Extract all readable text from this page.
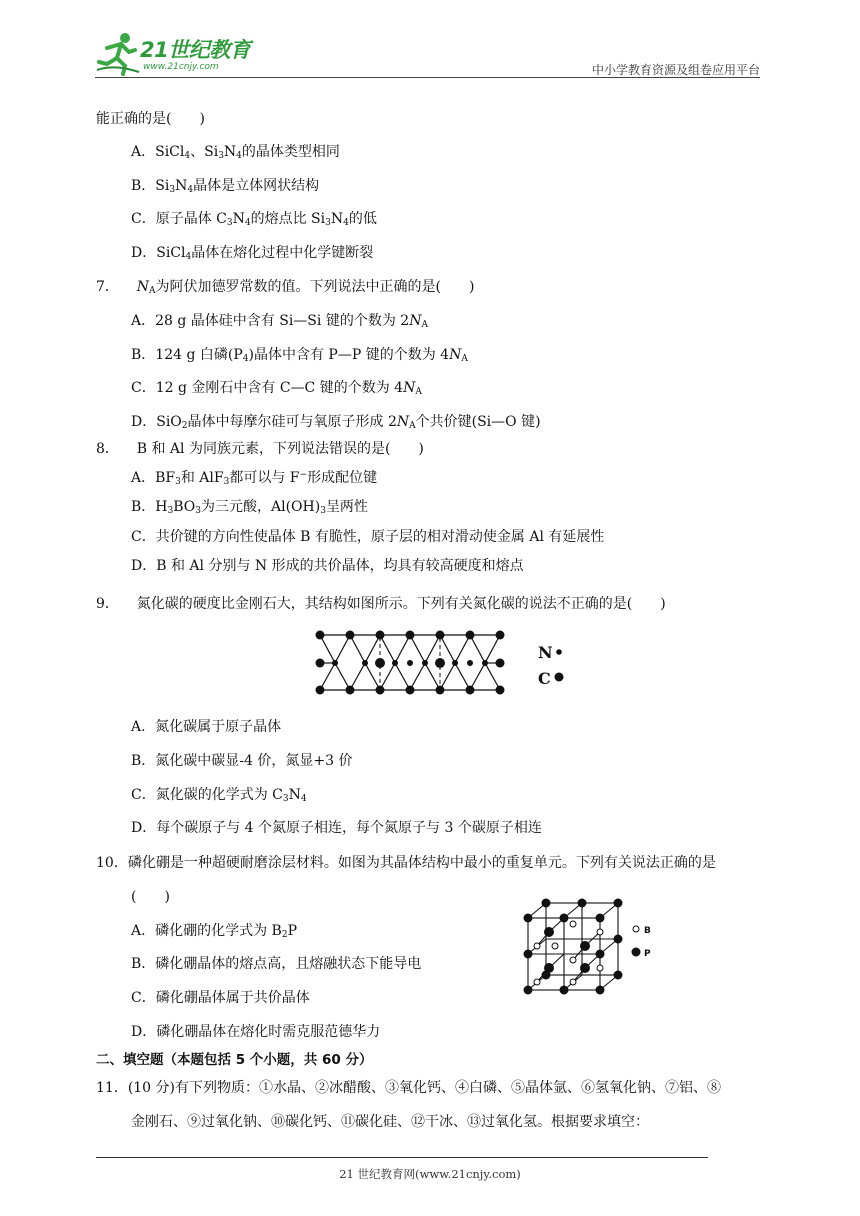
21世纪教育
www.21cnjy.com	中小学教育资源及组卷应用平台
能正确的是(　　)
A．SiCl$_4$、$Si_3N_4$的晶体类型相同
B．$Si_3N_4$晶体是立体网状结构
C．原子晶体 $C_3N_4$的熔点比 $Si_3N_4$的低
D．SiCl$_4$晶体在熔化过程中化学键断裂
7． $N_A$为阿伏加德罗常数的值。下列说法中正确的是(　　)
A．28 g 晶体硅中含有 Si—Si 键的个数为 $2N_A$
B．124 g 白磷$(P_4)$晶体中含有 P—P 键的个数为 $4N_A$
C．12 g 金刚石中含有 C—C 键的个数为 $4N_A$
D．SiO$_2$晶体中每摩尔硅可与氧原子形成 $2N_A$个共价键(Si—O 键)
8． B 和 Al 为同族元素，下列说法错误的是(　　)
A．$BF_3$和 AlF$_3$都可以与 F−形成配位键
B．$H_3BO_3$为三元酸，$Al(OH)_3$呈两性
C．共价键的方向性使晶体 B 有脆性，原子层的相对滑动使金属 Al 有延展性
D．B 和 Al 分别与 N 形成的共价晶体，均具有较高硬度和熔点
9． 氮化碳的硬度比金刚石大，其结构如图所示。下列有关氮化碳的说法不正确的是(　　)
N
C
A．氮化碳属于原子晶体
B．氮化碳中碳显-4 价，氮显+3 价
C．氮化碳的化学式为 $C_3N_4$
D．每个碳原子与 4 个氮原子相连，每个氮原子与 3 个碳原子相连
10．磷化硼是一种超硬耐磨涂层材料。如图为其晶体结构中最小的重复单元。下列有关说法正确的是
(　　)
B
P
A．磷化硼的化学式为 $B_2P$
B．磷化硼晶体的熔点高，且熔融状态下能导电
C．磷化硼晶体属于共价晶体
D．磷化硼晶体在熔化时需克服范德华力
二、填空题（本题包括 5 个小题，共 60 分）
11．(10 分)有下列物质：①水晶、②冰醋酸、③氧化钙、④白磷、⑤晶体氩、⑥氢氧化钠、⑦铝、⑧
金刚石、⑨过氧化钠、⑩碳化钙、⑪碳化硅、⑫干冰、⑬过氧化氢。根据要求填空：
21 世纪教育网(www.21cnjy.com)
